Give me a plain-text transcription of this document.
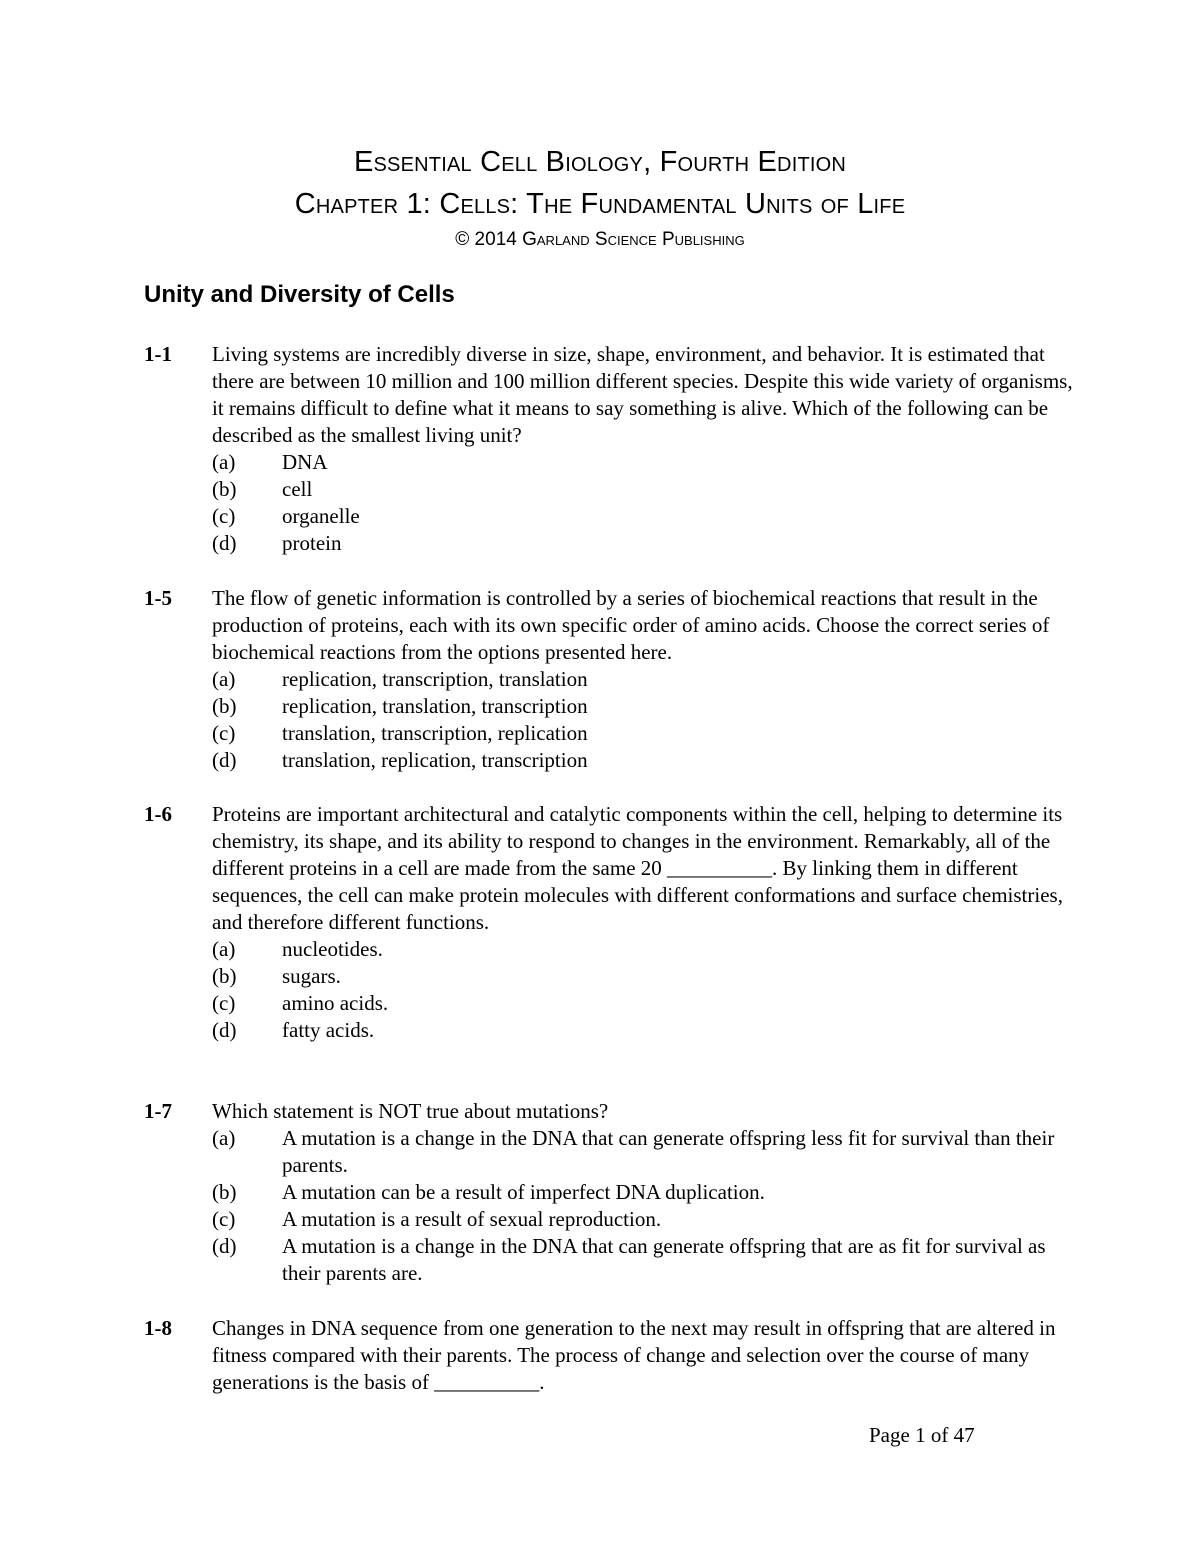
Essential Cell Biology, Fourth Edition
Chapter 1: Cells: The Fundamental Units of Life
© 2014 Garland Science Publishing
Unity and Diversity of Cells
1-1 Living systems are incredibly diverse in size, shape, environment, and behavior. It is estimated that there are between 10 million and 100 million different species. Despite this wide variety of organisms, it remains difficult to define what it means to say something is alive. Which of the following can be described as the smallest living unit?
(a)	DNA
(b)	cell
(c)	organelle
(d)	protein
1-5 The flow of genetic information is controlled by a series of biochemical reactions that result in the production of proteins, each with its own specific order of amino acids. Choose the correct series of biochemical reactions from the options presented here.
(a)	replication, transcription, translation
(b)	replication, translation, transcription
(c)	translation, transcription, replication
(d)	translation, replication, transcription
1-6 Proteins are important architectural and catalytic components within the cell, helping to determine its chemistry, its shape, and its ability to respond to changes in the environment. Remarkably, all of the different proteins in a cell are made from the same 20 __________. By linking them in different sequences, the cell can make protein molecules with different conformations and surface chemistries, and therefore different functions.
(a)	nucleotides.
(b)	sugars.
(c)	amino acids.
(d)	fatty acids.
1-7 Which statement is NOT true about mutations?
(a)	A mutation is a change in the DNA that can generate offspring less fit for survival than their parents.
(b)	A mutation can be a result of imperfect DNA duplication.
(c)	A mutation is a result of sexual reproduction.
(d)	A mutation is a change in the DNA that can generate offspring that are as fit for survival as their parents are.
1-8 Changes in DNA sequence from one generation to the next may result in offspring that are altered in fitness compared with their parents. The process of change and selection over the course of many generations is the basis of __________.
Page 1 of 47
